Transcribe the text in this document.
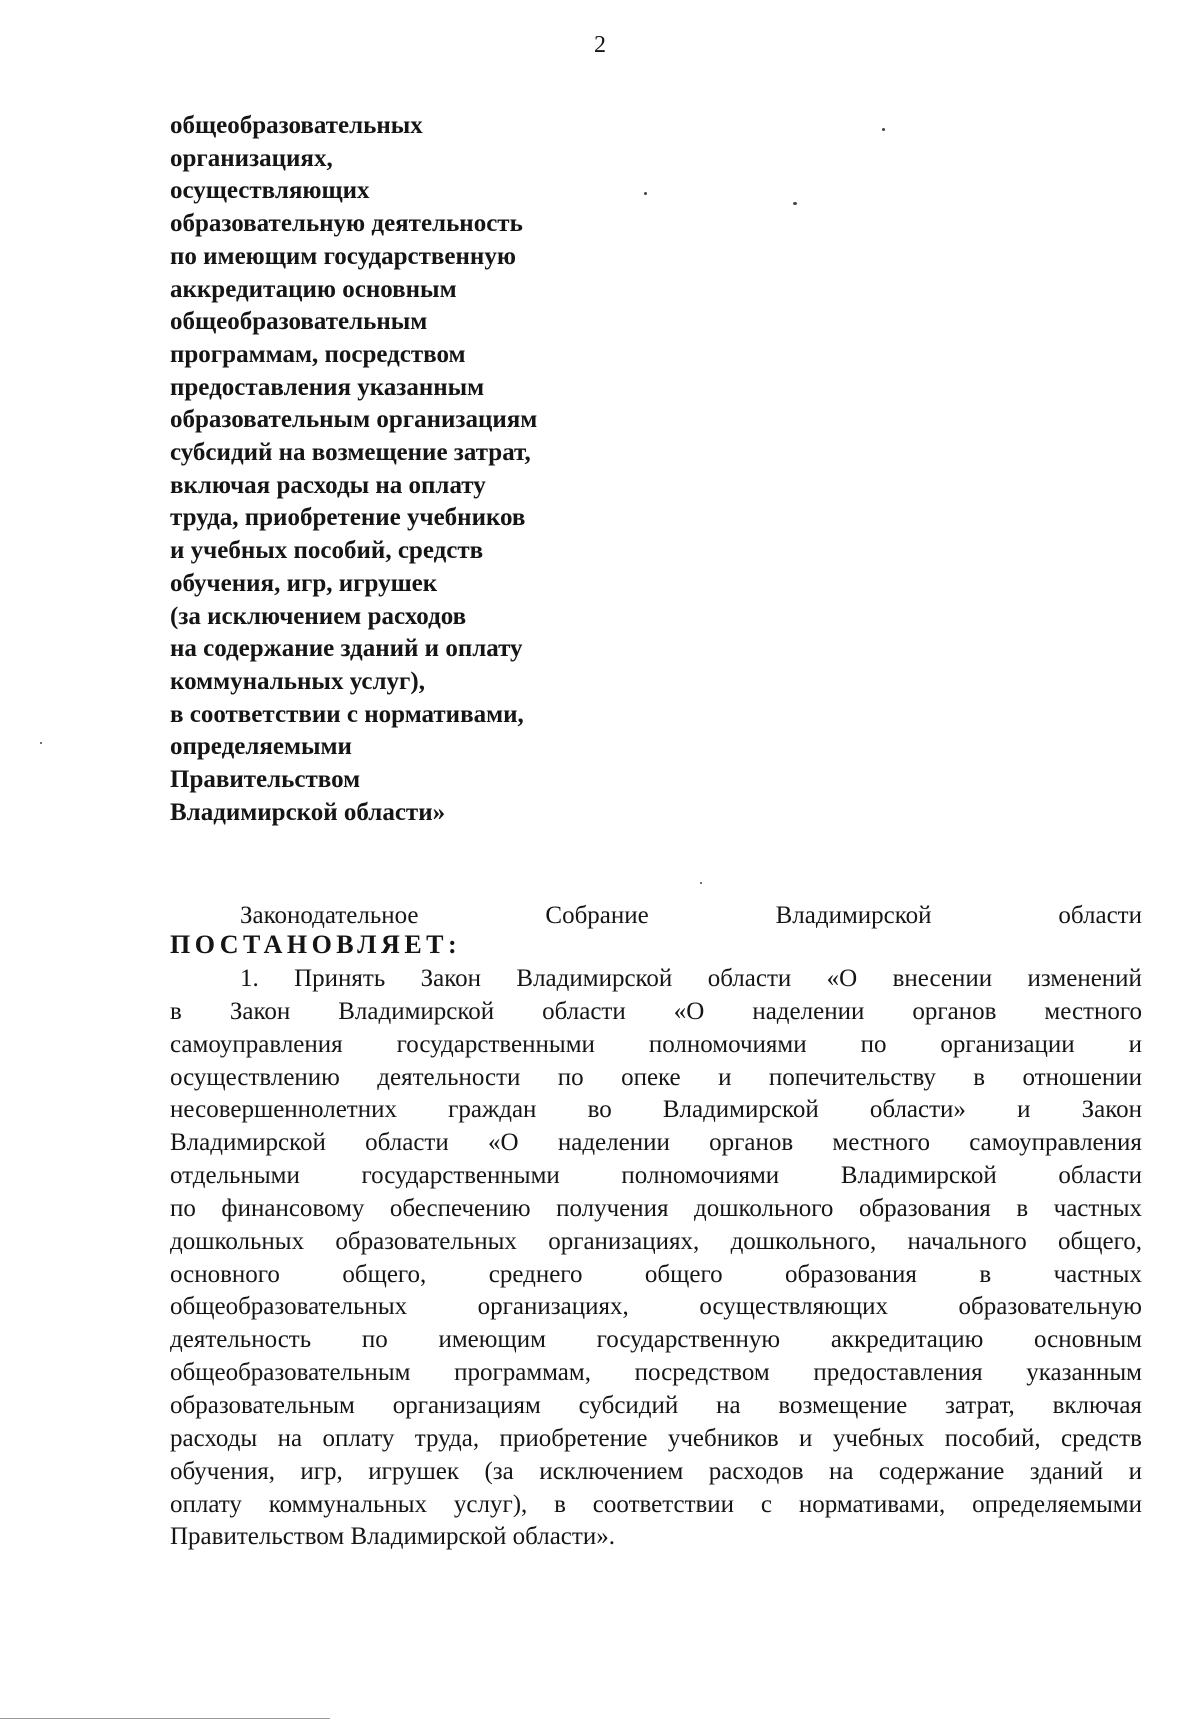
2
общеобразовательных
организациях,
осуществляющих
образовательную деятельность
по имеющим государственную
аккредитацию основным
общеобразовательным
программам, посредством
предоставления указанным
образовательным организациям
субсидий на возмещение затрат,
включая расходы на оплату
труда, приобретение учебников
и учебных пособий, средств
обучения, игр, игрушек
(за исключением расходов
на содержание зданий и оплату
коммунальных услуг),
в соответствии с нормативами,
определяемыми
Правительством
Владимирской области»
Законодательное	Собрание	Владимирской	области
ПОСТАНОВЛЯЕТ:
1. Принять Закон Владимирской области «О внесении изменений
в Закон Владимирской области «О наделении органов местного
самоуправления государственными полномочиями по организации и
осуществлению деятельности по опеке и попечительству в отношении
несовершеннолетних граждан во Владимирской области» и Закон
Владимирской области «О наделении органов местного самоуправления
отдельными государственными полномочиями Владимирской области
по финансовому обеспечению получения дошкольного образования в частных
дошкольных образовательных организациях, дошкольного, начального общего,
основного общего, среднего общего образования в частных
общеобразовательных	организациях,	осуществляющих	образовательную
деятельность по имеющим государственную аккредитацию основным
общеобразовательным программам, посредством предоставления указанным
образовательным организациям субсидий на возмещение затрат, включая
расходы на оплату труда, приобретение учебников и учебных пособий, средств
обучения, игр, игрушек (за исключением расходов на содержание зданий и
оплату коммунальных услуг), в соответствии с нормативами, определяемыми
Правительством Владимирской области».
